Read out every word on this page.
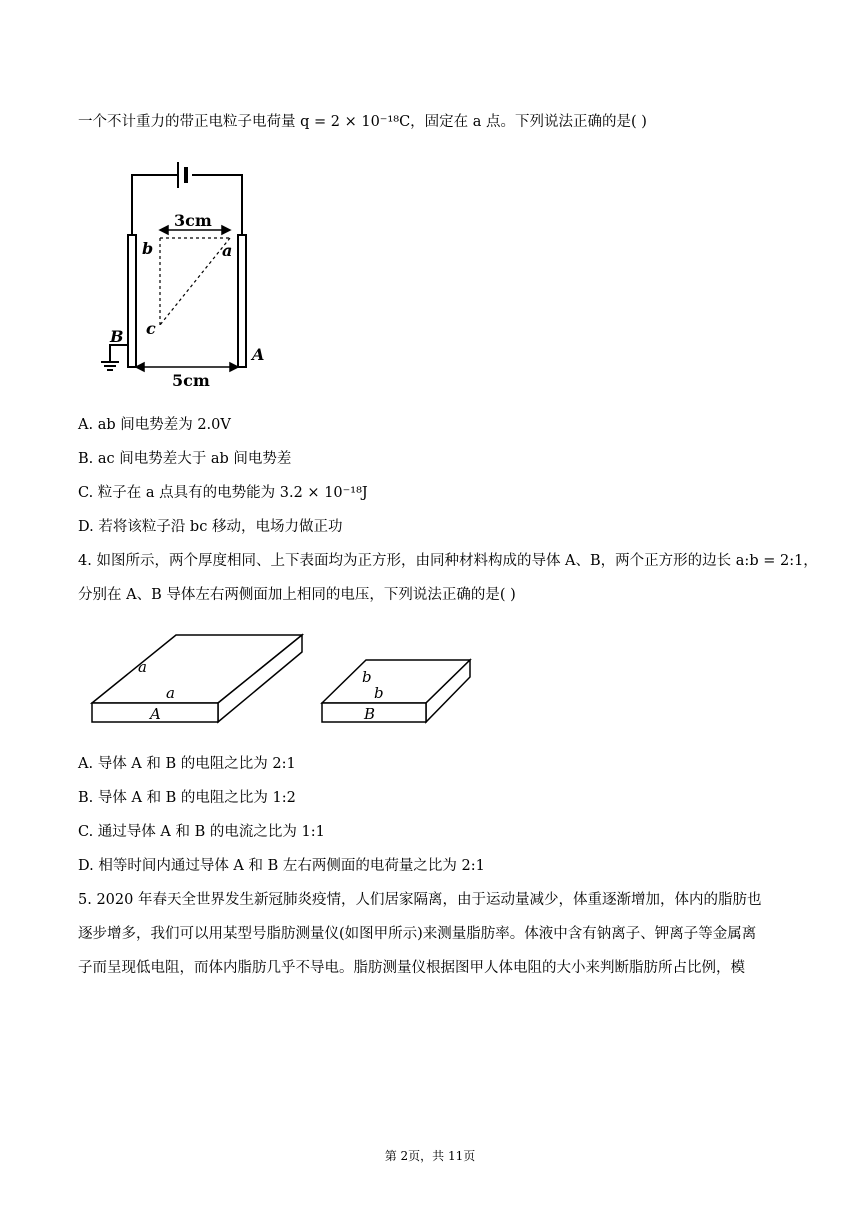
一个不计重力的带正电粒子电荷量 q = 2 × 10⁻¹⁸C，固定在 a 点。下列说法正确的是( )
3cm
5cm
b	a
c
B
A
A. ab 间电势差为 2.0V
B. ac 间电势差大于 ab 间电势差
C. 粒子在 a 点具有的电势能为 3.2 × 10⁻¹⁸J
D. 若将该粒子沿 bc 移动，电场力做正功
4. 如图所示，两个厚度相同、上下表面均为正方形，由同种材料构成的导体 A、B，两个正方形的边长 a:b = 2:1，
分别在 A、B 导体左右两侧面加上相同的电压，下列说法正确的是( )
a
a
A
b
b
B
A. 导体 A 和 B 的电阻之比为 2:1
B. 导体 A 和 B 的电阻之比为 1:2
C. 通过导体 A 和 B 的电流之比为 1:1
D. 相等时间内通过导体 A 和 B 左右两侧面的电荷量之比为 2:1
5. 2020 年春天全世界发生新冠肺炎疫情，人们居家隔离，由于运动量减少，体重逐渐增加，体内的脂肪也
逐步增多，我们可以用某型号脂肪测量仪(如图甲所示)来测量脂肪率。体液中含有钠离子、钾离子等金属离
子而呈现低电阻，而体内脂肪几乎不导电。脂肪测量仪根据图甲人体电阻的大小来判断脂肪所占比例，模
第 2页，共 11页
